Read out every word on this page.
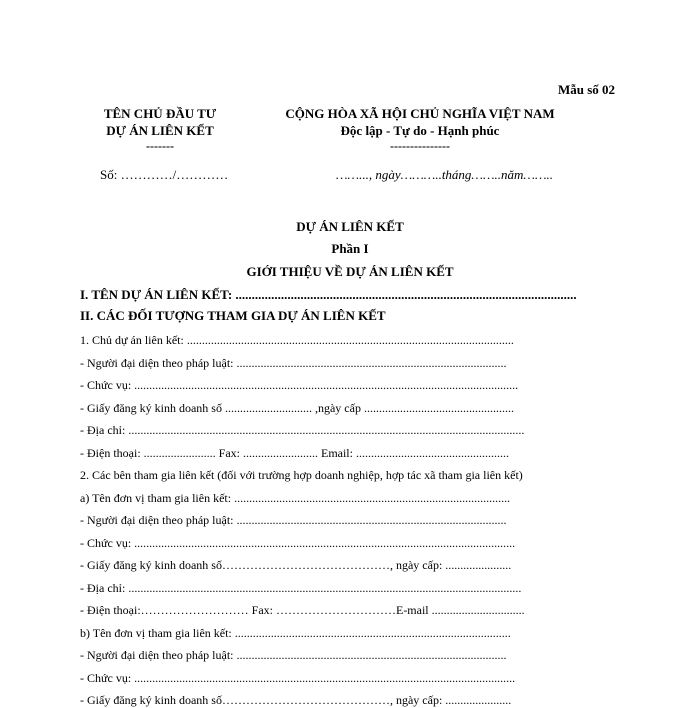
Mẫu số 02
TÊN CHỦ ĐẦU TƯ
DỰ ÁN LIÊN KẾT
-------
CỘNG HÒA XÃ HỘI CHỦ NGHĨA VIỆT NAM
Độc lập - Tự do - Hạnh phúc
---------------
Số: …………/…………	……..., ngày………..tháng……..năm……..
DỰ ÁN LIÊN KẾT
Phần I
GIỚI THIỆU VỀ DỰ ÁN LIÊN KẾT
I. TÊN DỰ ÁN LIÊN KẾT: .........................................................................................................
II. CÁC ĐỐI TƯỢNG THAM GIA DỰ ÁN LIÊN KẾT
1. Chủ dự án liên kết: .............................................................................................................
- Người đại diện theo pháp luật: ..........................................................................................
- Chức vụ: ................................................................................................................................
- Giấy đăng ký kinh doanh số ............................. ,ngày cấp ..................................................
- Địa chỉ: ....................................................................................................................................
- Điện thoại: ........................ Fax: ......................... Email: ...................................................
2. Các bên tham gia liên kết (đối với trường hợp doanh nghiệp, hợp tác xã tham gia liên kết)
a) Tên đơn vị tham gia liên kết: ............................................................................................
- Người đại diện theo pháp luật: ..........................................................................................
- Chức vụ: ...............................................................................................................................
- Giấy đăng ký kinh doanh số……………………………………, ngày cấp: ......................
- Địa chỉ: ...................................................................................................................................
- Điện thoại:……………………… Fax: …………………………E-mail ...............................
b) Tên đơn vị tham gia liên kết: ............................................................................................
- Người đại diện theo pháp luật: ..........................................................................................
- Chức vụ: ...............................................................................................................................
- Giấy đăng ký kinh doanh số……………………………………, ngày cấp: ......................
